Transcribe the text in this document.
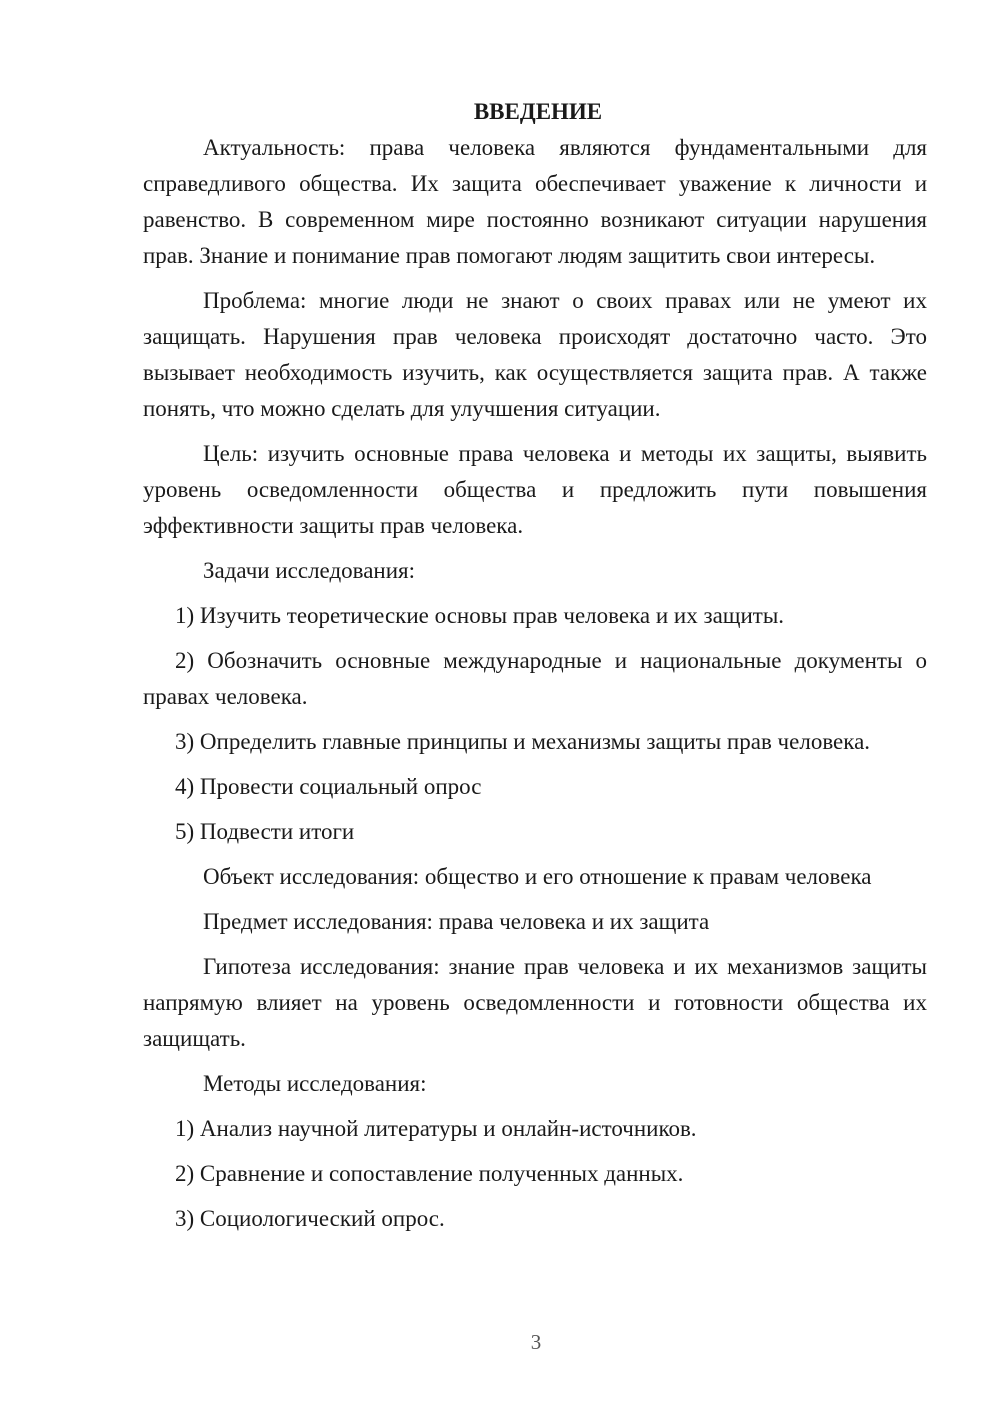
ВВЕДЕНИЕ

Актуальность: права человека являются фундаментальными для справедливого общества. Их защита обеспечивает уважение к личности и равенство. В современном мире постоянно возникают ситуации нарушения прав. Знание и понимание прав помогают людям защитить свои интересы.

Проблема: многие люди не знают о своих правах или не умеют их защищать. Нарушения прав человека происходят достаточно часто. Это вызывает необходимость изучить, как осуществляется защита прав. А также понять, что можно сделать для улучшения ситуации.

Цель: изучить основные права человека и методы их защиты, выявить уровень осведомленности общества и предложить пути повышения эффективности защиты прав человека.

Задачи исследования:

1) Изучить теоретические основы прав человека и их защиты.

2) Обозначить основные международные и национальные документы о правах человека.

3) Определить главные принципы и механизмы защиты прав человека.

4) Провести социальный опрос

5) Подвести итоги

Объект исследования: общество и его отношение к правам человека

Предмет исследования: права человека и их защита

Гипотеза исследования: знание прав человека и их механизмов защиты напрямую влияет на уровень осведомленности и готовности общества их защищать.

Методы исследования:

1) Анализ научной литературы и онлайн-источников.

2) Сравнение и сопоставление полученных данных.

3) Социологический опрос.

3
